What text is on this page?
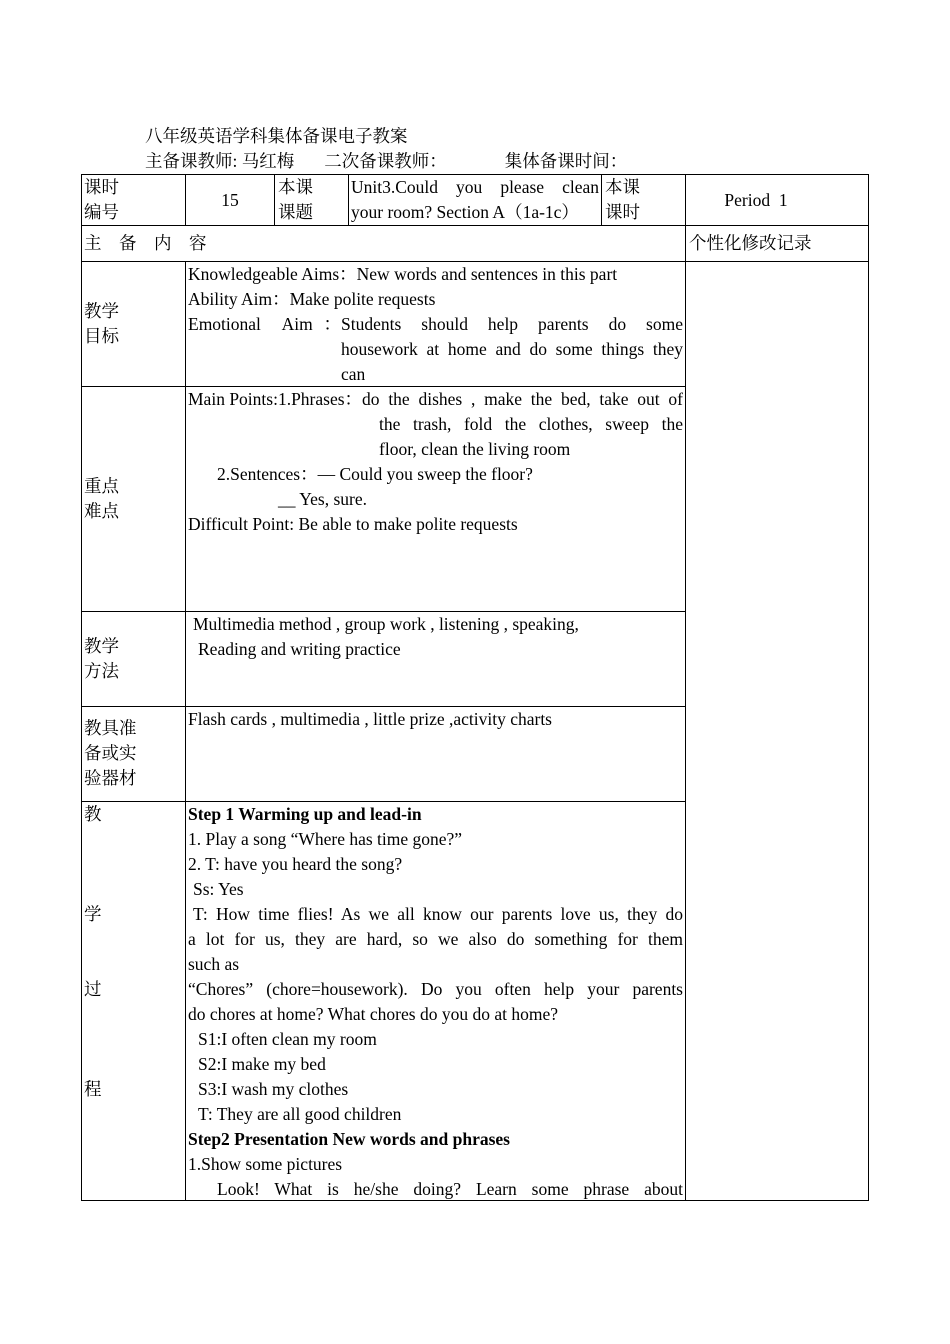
八年级英语学科集体备课电子教案
主备课教师: 马红梅 二次备课教师：	集体备课时间：
课时
编号
15
本课
课题
Unit3.Could you please clean
your room? Section A（1a-1c）
本课
课时
Period  1
主    备    内    容	个性化修改记录
教学
目标
Knowledgeable Aims：New words and sentences in this part
Ability Aim：Make polite requests
Emotional  Aim ： Students should help parents do some
housework at home and do some things they
can
重点
难点
Main Points:1.Phrases： do the dishes , make the bed, take out of
the trash, fold the clothes, sweep the
floor, clean the living room
2.Sentences：— Could you sweep the floor?
__ Yes, sure.
Difficult Point: Be able to make polite requests
教学
方法
Multimedia method , group work , listening , speaking,
Reading and writing practice
教具准
备或实
验器材
Flash cards , multimedia , little prize ,activity charts
教
学
过
程
Step 1 Warming up and lead-in
1. Play a song “Where has time gone?”
2. T: have you heard the song?
Ss: Yes
T: How time flies! As we all know our parents love us, they do
a lot for us, they are hard, so we also do something for them
such as
“Chores” (chore=housework). Do you often help your parents
do chores at home? What chores do you do at home?
S1:I often clean my room
S2:I make my bed
S3:I wash my clothes
T: They are all good children
Step2 Presentation New words and phrases
1.Show some pictures
Look! What is he/she doing? Learn some phrase about
